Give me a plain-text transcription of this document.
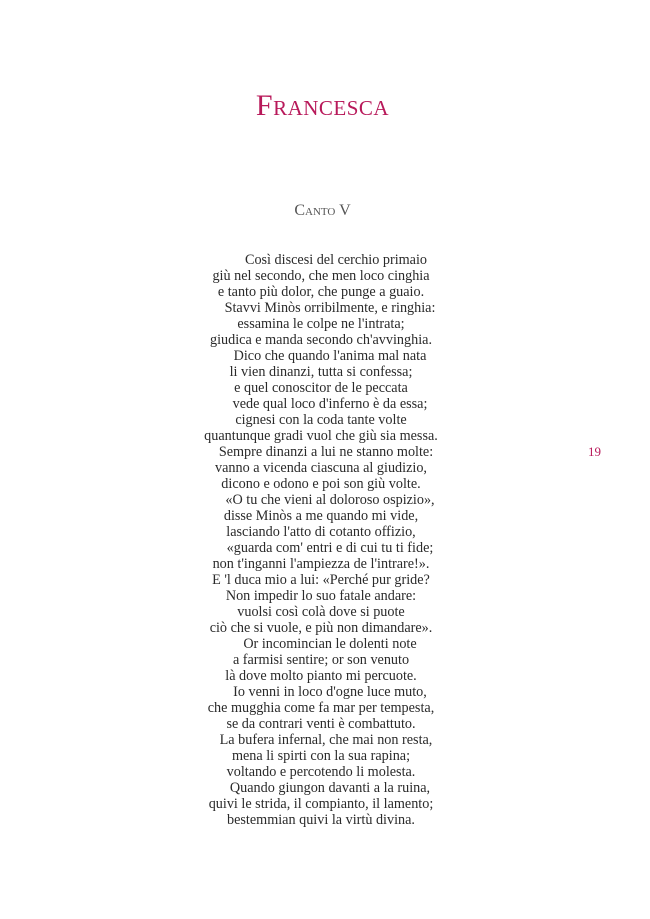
Francesca
Canto V
Così discesi del cerchio primaio
giù nel secondo, che men loco cinghia
e tanto più dolor, che punge a guaio.
Stavvi Minòs orribilmente, e ringhia:
essamina le colpe ne l'intrata;
giudica e manda secondo ch'avvinghia.
Dico che quando l'anima mal nata
li vien dinanzi, tutta si confessa;
e quel conoscitor de le peccata
vede qual loco d'inferno è da essa;
cignesi con la coda tante volte
quantunque gradi vuol che giù sia messa.
Sempre dinanzi a lui ne stanno molte:
vanno a vicenda ciascuna al giudizio,
dicono e odono e poi son giù volte.
«O tu che vieni al doloroso ospizio»,
disse Minòs a me quando mi vide,
lasciando l'atto di cotanto offizio,
«guarda com' entri e di cui tu ti fide;
non t'inganni l'ampiezza de l'intrare!».
E 'l duca mio a lui: «Perché pur gride?
Non impedir lo suo fatale andare:
vuolsi così colà dove si puote
ciò che si vuole, e più non dimandare».
Or incomincian le dolenti note
a farmisi sentire; or son venuto
là dove molto pianto mi percuote.
Io venni in loco d'ogne luce muto,
che mugghia come fa mar per tempesta,
se da contrari venti è combattuto.
La bufera infernal, che mai non resta,
mena li spirti con la sua rapina;
voltando e percotendo li molesta.
Quando giungon davanti a la ruina,
quivi le strida, il compianto, il lamento;
bestemmian quivi la virtù divina.
19
